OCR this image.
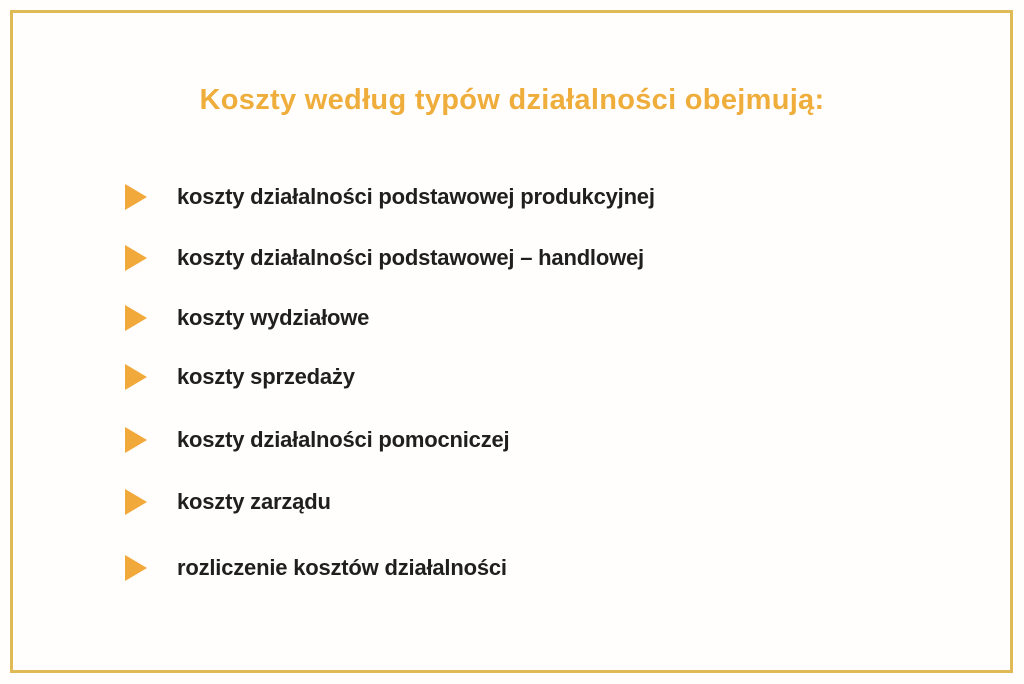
Koszty według typów działalności obejmują:
koszty działalności podstawowej produkcyjnej
koszty działalności podstawowej – handlowej
koszty wydziałowe
koszty sprzedaży
koszty działalności pomocniczej
koszty zarządu
rozliczenie kosztów działalności
